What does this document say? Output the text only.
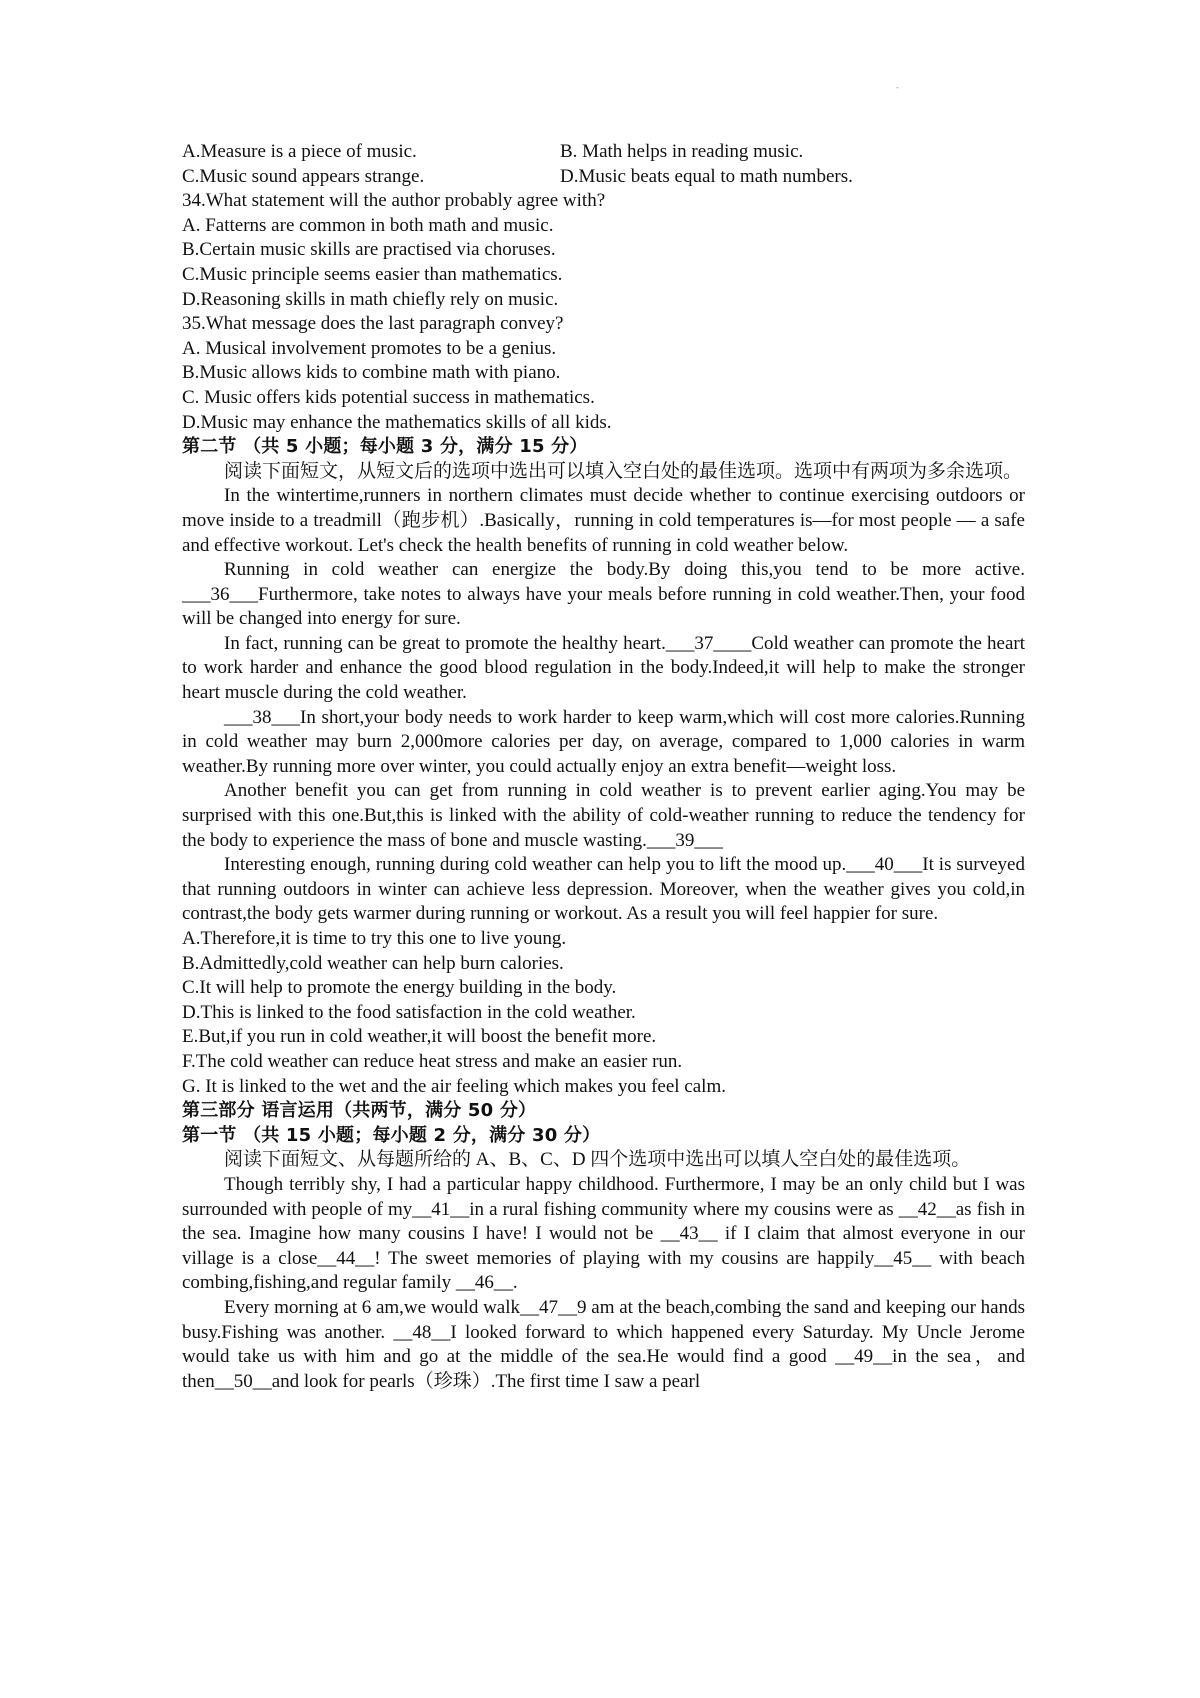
-
A.Measure is a piece of music.	B. Math helps in reading music.
C.Music sound appears strange.	D.Music beats equal to math numbers.
34.What statement will the author probably agree with?
A. Fatterns are common in both math and music.
B.Certain music skills are practised via choruses.
C.Music principle seems easier than mathematics.
D.Reasoning skills in math chiefly rely on music.
35.What message does the last paragraph convey?
A. Musical involvement promotes to be a genius.
B.Music allows kids to combine math with piano.
C. Music offers kids potential success in mathematics.
D.Music may enhance the mathematics skills of all kids.
第二节 （共 5 小题；每小题 3 分，满分 15 分）
阅读下面短文，从短文后的选项中选出可以填入空白处的最佳选项。选项中有两项为多余选项。
In the wintertime,runners in northern climates must decide whether to continue exercising outdoors or move inside to a treadmill（跑步机）.Basically，running in cold temperatures is—for most people — a safe and effective workout. Let's check the health benefits of running in cold weather below.
Running in cold weather can energize the body.By doing this,you tend to be more active. ___36___Furthermore, take notes to always have your meals before running in cold weather.Then, your food will be changed into energy for sure.
In fact, running can be great to promote the healthy heart.___37____Cold weather can promote the heart to work harder and enhance the good blood regulation in the body.Indeed,it will help to make the stronger heart muscle during the cold weather.
___38___In short,your body needs to work harder to keep warm,which will cost more calories.Running in cold weather may burn 2,000more calories per day, on average, compared to 1,000 calories in warm weather.By running more over winter, you could actually enjoy an extra benefit—weight loss.
Another benefit you can get from running in cold weather is to prevent earlier aging.You may be surprised with this one.But,this is linked with the ability of cold-weather running to reduce the tendency for the body to experience the mass of bone and muscle wasting.___39___
Interesting enough, running during cold weather can help you to lift the mood up.___40___It is surveyed that running outdoors in winter can achieve less depression. Moreover, when the weather gives you cold,in contrast,the body gets warmer during running or workout. As a result you will feel happier for sure.
A.Therefore,it is time to try this one to live young.
B.Admittedly,cold weather can help burn calories.
C.It will help to promote the energy building in the body.
D.This is linked to the food satisfaction in the cold weather.
E.But,if you run in cold weather,it will boost the benefit more.
F.The cold weather can reduce heat stress and make an easier run.
G. It is linked to the wet and the air feeling which makes you feel calm.
第三部分 语言运用（共两节，满分 50 分）
第一节 （共 15 小题；每小题 2 分，满分 30 分）
阅读下面短文、从每题所给的 A、B、C、D 四个选项中选出可以填人空白处的最佳选项。
Though terribly shy, I had a particular happy childhood. Furthermore, I may be an only child but I was surrounded with people of my__41__in a rural fishing community where my cousins were as __42__as fish in the sea. Imagine how many cousins I have! I would not be __43__ if I claim that almost everyone in our village is a close__44__! The sweet memories of playing with my cousins are happily__45__ with beach combing,fishing,and regular family __46__.
Every morning at 6 am,we would walk__47__9 am at the beach,combing the sand and keeping our hands busy.Fishing was another. __48__I looked forward to which happened every Saturday. My Uncle Jerome would take us with him and go at the middle of the sea.He would find a good __49__in the sea，and then__50__and look for pearls（珍珠）.The first time I saw a pearl
